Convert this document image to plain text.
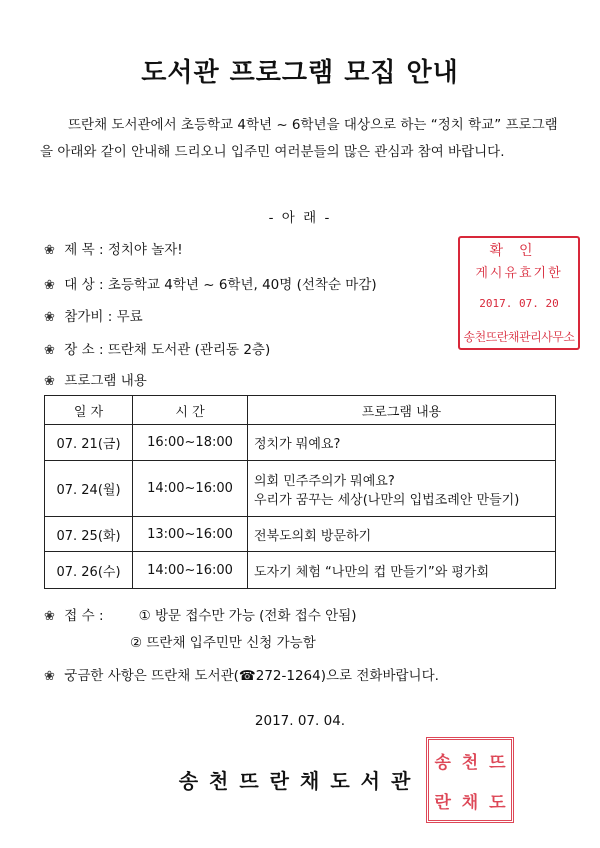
도서관 프로그램 모집 안내
뜨란채 도서관에서 초등학교 4학년 ~ 6학년을 대상으로 하는 “정치 학교” 프로그램을 아래와 같이 안내해 드리오니 입주민 여러분들의 많은 관심과 참여 바랍니다.
- 아 래 -
❀ 제 목 : 정치야 놀자!
❀ 대 상 : 초등학교 4학년 ~ 6학년, 40명 (선착순 마감)
❀ 참가비 : 무료
❀ 장 소 : 뜨란채 도서관 (관리동 2층)
❀ 프로그램 내용
일 자	시 간	프로그램 내용
07. 21(금)	16:00~18:00	정치가 뭐예요?
07. 24(월)	14:00~16:00	의회 민주주의가 뭐예요?
우리가 꿈꾸는 세상(나만의 입법조례안 만들기)

07. 25(화)	13:00~16:00	전북도의회 방문하기
07. 26(수)	14:00~16:00	도자기 체험 “나만의 컵 만들기”와 평가회
❀ 접 수 :	① 방문 접수만 가능 (전화 접수 안됨)
② 뜨란채 입주민만 신청 가능함
❀ 궁금한 사항은 뜨란채 도서관(☎272-1264)으로 전화바랍니다.
2017. 07. 04.
송천뜨란채도서관
확인
게시유효기한
2017. 07. 20
송천뜨란채관리사무소
송 천 뜨
란 채 도
